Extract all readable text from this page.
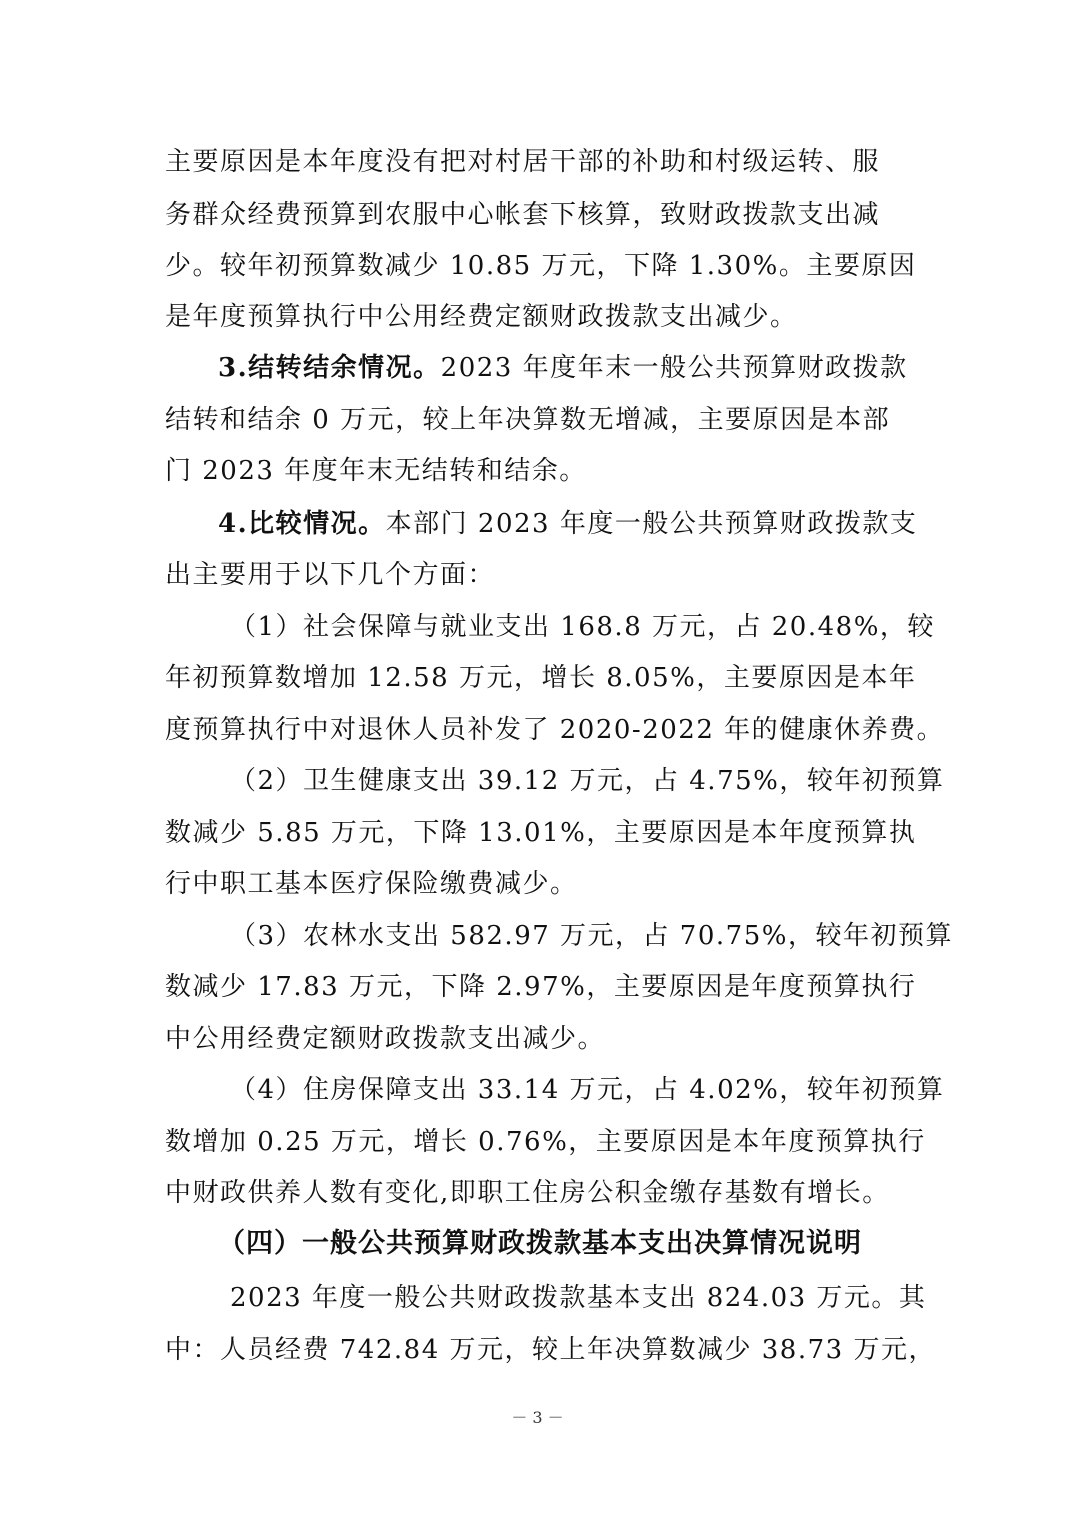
主要原因是本年度没有把对村居干部的补助和村级运转、服
务群众经费预算到农服中心帐套下核算，致财政拨款支出减
少。较年初预算数减少 10.85 万元，下降 1.30%。主要原因
是年度预算执行中公用经费定额财政拨款支出减少。
3.结转结余情况。2023 年度年末一般公共预算财政拨款
结转和结余 0 万元，较上年决算数无增减，主要原因是本部
门 2023 年度年末无结转和结余。
4.比较情况。本部门 2023 年度一般公共预算财政拨款支
出主要用于以下几个方面：
（1）社会保障与就业支出 168.8 万元，占 20.48%，较
年初预算数增加 12.58 万元，增长 8.05%，主要原因是本年
度预算执行中对退休人员补发了 2020-2022 年的健康休养费。
（2）卫生健康支出 39.12 万元，占 4.75%，较年初预算
数减少 5.85 万元，下降 13.01%，主要原因是本年度预算执
行中职工基本医疗保险缴费减少。
（3）农林水支出 582.97 万元，占 70.75%，较年初预算
数减少 17.83 万元，下降 2.97%，主要原因是年度预算执行
中公用经费定额财政拨款支出减少。
（4）住房保障支出 33.14 万元，占 4.02%，较年初预算
数增加 0.25 万元，增长 0.76%，主要原因是本年度预算执行
中财政供养人数有变化,即职工住房公积金缴存基数有增长。
（四）一般公共预算财政拨款基本支出决算情况说明
2023 年度一般公共财政拨款基本支出 824.03 万元。其
中：人员经费 742.84 万元，较上年决算数减少 38.73 万元，
－ 3 －
